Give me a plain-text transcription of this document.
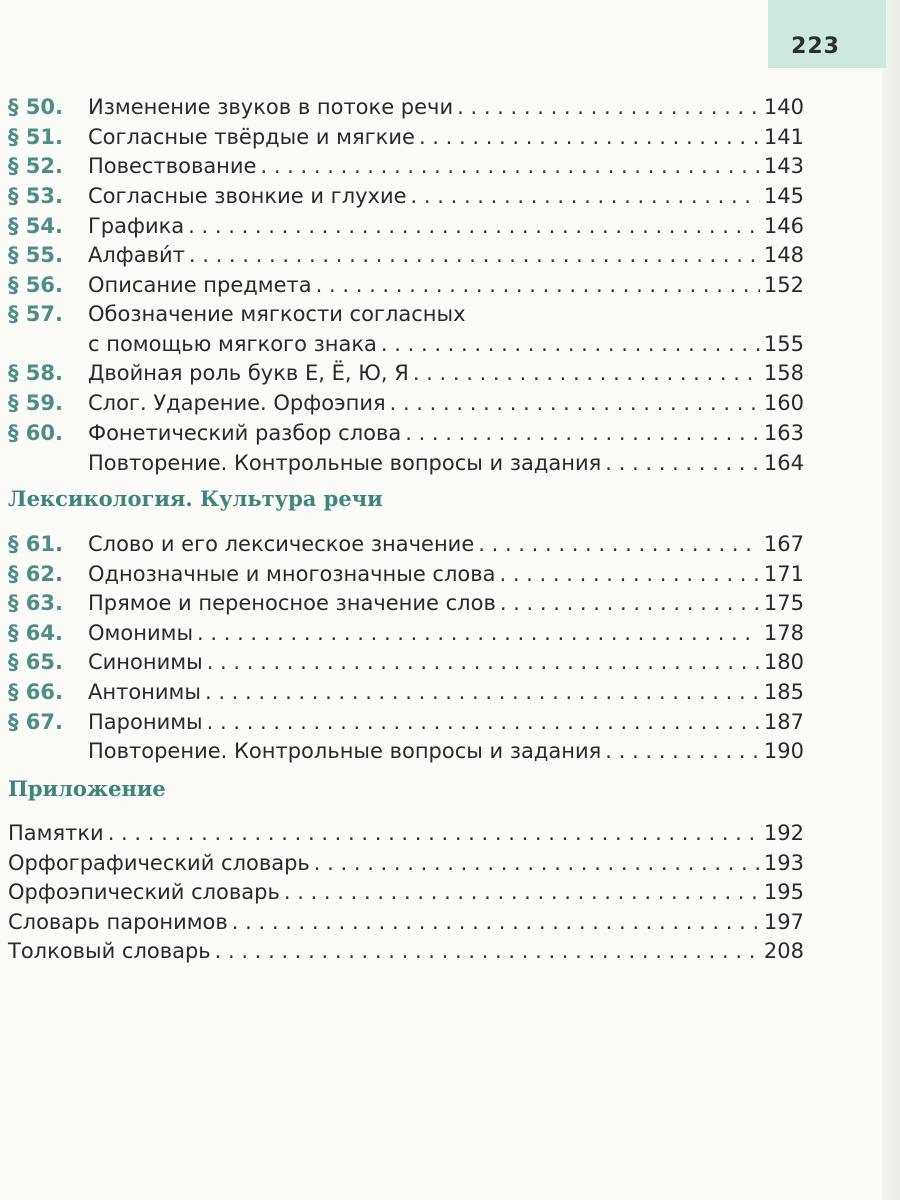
223
§ 50.	Изменение звуков в потоке речи . . .	140
§ 51.	Согласные твёрдые и мягкие . . .	141
§ 52.	Повествование . . .	143
§ 53.	Согласные звонкие и глухие . . .	145
§ 54.	Графика . . .	146
§ 55.	Алфави́т . . .	148
§ 56.	Описание предмета . . .	152
§ 57.	Обозначение мягкости согласных
с помощью мягкого знака . . .	155
§ 58.	Двойная роль букв Е, Ё, Ю, Я . . .	158
§ 59.	Слог. Ударение. Орфоэпия . . .	160
§ 60.	Фонетический разбор слова . . .	163
Повторение. Контрольные вопросы и задания . . .	164
Лексикология. Культура речи
§ 61.	Слово и его лексическое значение . . .	167
§ 62.	Однозначные и многозначные слова . . .	171
§ 63.	Прямое и переносное значение слов . . .	175
§ 64.	Омонимы . . .	178
§ 65.	Синонимы . . .	180
§ 66.	Антонимы . . .	185
§ 67.	Паронимы . . .	187
Повторение. Контрольные вопросы и задания . . .	190
Приложение
Памятки . . .	192
Орфографический словарь . . .	193
Орфоэпический словарь . . .	195
Словарь паронимов . . .	197
Толковый словарь . . .	208
